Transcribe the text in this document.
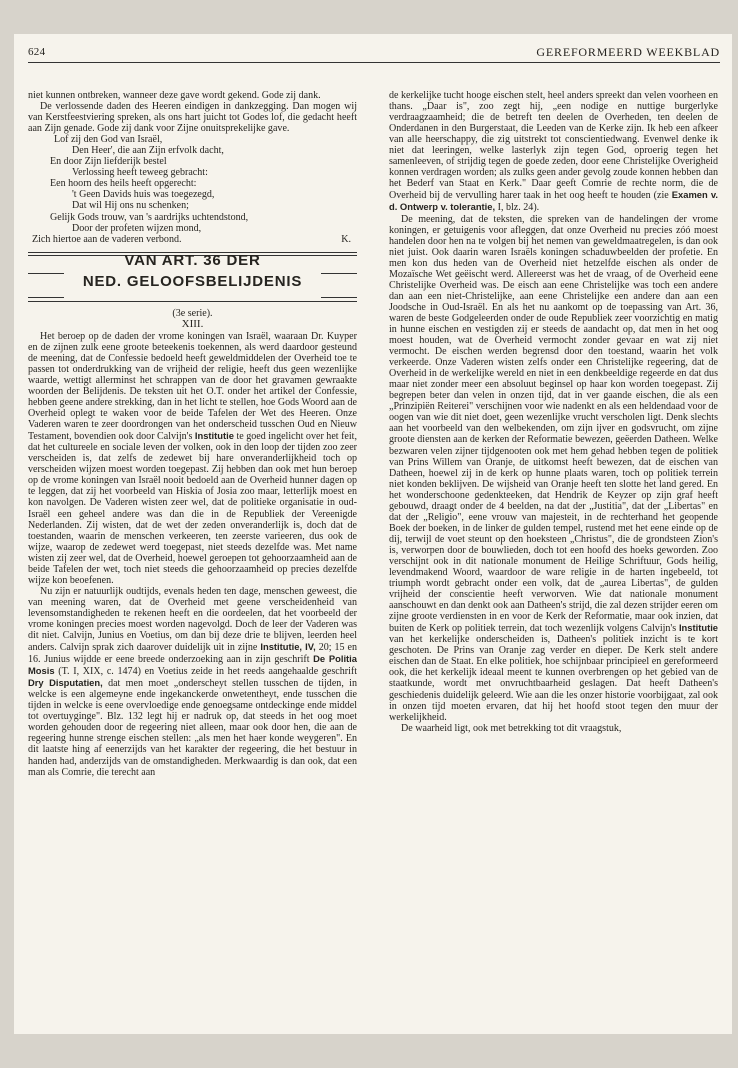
624	GEREFORMEERD WEEKBLAD

niet kunnen ontbreken, wanneer deze gave wordt gekend. Gode zij dank.

De verlossende daden des Heeren eindigen in dankzegging. Dan mogen wij van Kerstfeestviering spreken, als ons hart juicht tot Godes lof, die gedacht heeft aan Zijn genade. Gode zij dank voor Zijne onuitsprekelijke gave.

Lof zij den God van Israël,
Den Heer', die aan Zijn erfvolk dacht,
En door Zijn liefderijk bestel
Verlossing heeft teweeg gebracht:
Een hoorn des heils heeft opgerecht:
't Geen Davids huis was toegezegd,
Dat wil Hij ons nu schenken;
Gelijk Gods trouw, van 's aardrijks uchtendstond,
Door der profeten wijzen mond,
Zich hiertoe aan de vaderen verbond.	K.
VAN ART. 36 DER
NED. GELOOFSBELIJDENIS
(3e serie).
XIII.

Het beroep op de daden der vrome koningen van Israël, waaraan Dr. Kuyper en de zijnen zulk eene groote beteekenis toekennen, als werd daardoor gesteund de meening, dat de Confessie bedoeld heeft geweldmiddelen der Overheid toe te passen tot onderdrukking van de vrijheid der religie, heeft dus geen wezenlijke waarde, wettigt allerminst het schrappen van de door het gravamen gewraakte woorden der Belijdenis. De teksten uit het O.T. onder het artikel der Confessie, hebben geene andere strekking, dan in het licht te stellen, hoe Gods Woord aan de Overheid oplegt te waken voor de beide Tafelen der Wet des Heeren. Onze Vaderen waren te zeer doordrongen van het onderscheid tusschen Oud en Nieuw Testament, bovendien ook door Calvijn's Institutie te goed ingelicht over het feit, dat het cultureele en sociale leven der volken, ook in den loop der tijden zoo zeer verscheiden is, dat zelfs de zedewet bij hare onveranderlijkheid toch op verscheiden wijzen moest worden toegepast. Zij hebben dan ook met hun beroep op de vrome koningen van Israël nooit bedoeld aan de Overheid hunner dagen op te leggen, dat zij het voorbeeld van Hiskia of Josia zoo maar, letterlijk moest en kon navolgen. De Vaderen wisten zeer wel, dat de politieke organisatie in oud-Israël een geheel andere was dan die in de Republiek der Vereenigde Nederlanden. Zij wisten, dat de wet der zeden onveranderlijk is, doch dat de toestanden, waarin de menschen verkeeren, ten zeerste varieeren, dus ook de wijze, waarop de zedewet werd toegepast, niet steeds dezelfde was. Met name wisten zij zeer wel, dat de Overheid, hoewel geroepen tot gehoorzaamheid aan de beide Tafelen der wet, toch niet steeds die gehoorzaamheid op precies dezelfde wijze kon beoefenen.

Nu zijn er natuurlijk oudtijds, evenals heden ten dage, menschen geweest, die van meening waren, dat de Overheid met geene verscheidenheid van levensomstandigheden te rekenen heeft en die oordeelen, dat het voorbeeld der vrome koningen precies moest worden nagevolgd. Doch de leer der Vaderen was dit niet. Calvijn, Junius en Voetius, om dan bij deze drie te blijven, leerden heel anders. Calvijn sprak zich daarover duidelijk uit in zijne Institutie, IV, 20; 15 en 16. Junius wijdde er eene breede onderzoeking aan in zijn geschrift De Politia Mosis (T. I, XIX, c. 1474) en Voetius zeide in het reeds aangehaalde geschrift Dry Disputatien, dat men moet „onderscheyt stellen tusschen de tijden, in welcke is een algemeyne ende ingekanckerde onwetentheyt, ende tusschen die tijden in welcke is eene overvloedige ende genoegsame ontdeckinge ende middel tot overtuyginge". Blz. 132 legt hij er nadruk op, dat steeds in het oog moet worden gehouden door de regeering niet alleen, maar ook door hen, die aan de regeering hunne strenge eischen stellen: „als men het haer konde weygeren". En dit laatste hing af eenerzijds van het karakter der regeering, die het bestuur in handen had, anderzijds van de omstandigheden. Merkwaardig is dan ook, dat een man als Comrie, die terecht aan

de kerkelijke tucht hooge eischen stelt, heel anders spreekt dan velen voorheen en thans. „Daar is", zoo zegt hij, „een nodige en nuttige burgerlyke verdraagzaamheid; die de betreft ten deelen de Overheden, ten deelen de Onderdanen in den Burgerstaat, die Leeden van de Kerke zijn. Ik heb een afkeer van alle heerschappy, die zig uitstrekt tot conscientiedwang. Evenwel denke ik niet dat leeringen, welke lasterlyk zijn tegen God, oproerig tegen het samenleeven, of strijdig tegen de goede zeden, door eene Christelijke Overigheid konnen verdragen worden; als zulks geen ander gevolg zoude konnen hebben dan het Bederf van Staat en Kerk." Daar geeft Comrie de rechte norm, die de Overheid bij de vervulling harer taak in het oog heeft te houden (zie Examen v. d. Ontwerp v. tolerantie, I, blz. 24).

De meening, dat de teksten, die spreken van de handelingen der vrome koningen, er getuigenis voor afleggen, dat onze Overheid nu precies zóó moest handelen door hen na te volgen bij het nemen van geweldmaatregelen, is dan ook niet juist. Ook daarin waren Israëls koningen schaduwbeelden der profetie. En men kon dus heden van de Overheid niet hetzelfde eischen als onder de Mozaïsche Wet geëischt werd. Allereerst was het de vraag, of de Overheid eene Christelijke Overheid was. De eisch aan eene Christelijke was toch een andere dan aan een niet-Christelijke, aan eene Christelijke een andere dan aan een Joodsche in Oud-Israël. En als het nu aankomt op de toepassing van Art. 36, waren de beste Godgeleerden onder de oude Republiek zeer voorzichtig en matig in hunne eischen en vestigden zij er steeds de aandacht op, dat men in het oog moest houden, wat de Overheid vermocht zonder gevaar en wat zij niet vermocht. De eischen werden begrensd door den toestand, waarin het volk verkeerde. Onze Vaderen wisten zelfs onder een Christelijke regeering, dat de Overheid in de werkelijke wereld en niet in een denkbeeldige regeerde en dat dus maar niet zonder meer een absoluut beginsel op haar kon worden toegepast. Zij begrepen beter dan velen in onzen tijd, dat in ver gaande eischen, die als een „Prinzipiën Reiterei" verschijnen voor wie nadenkt en als een heldendaad voor de oogen van wie dit niet doet, geen wezenlijke vrucht verscholen ligt. Denk slechts aan het voorbeeld van den welbekenden, om zijn ijver en godsvrucht, om zijne groote diensten aan de kerken der Reformatie bewezen, geëerden Datheen. Welke bezwaren velen zijner tijdgenooten ook met hem gehad hebben tegen de politiek van Prins Willem van Oranje, de uitkomst heeft bewezen, dat de eischen van Datheen, hoewel zij in de kerk op hunne plaats waren, toch op politiek terrein niet konden beklijven. De wijsheid van Oranje heeft ten slotte het land gered. En het wonderschoone gedenkteeken, dat Hendrik de Keyzer op zijn graf heeft gebouwd, draagt onder de 4 beelden, na dat der „Justitia", dat der „Libertas" en dat der „Religio", eene vrouw van majesteit, in de rechterhand het geopende Boek der boeken, in de linker de gulden tempel, rustend met het eene einde op de dij, terwijl de voet steunt op den hoeksteen „Christus", die de grondsteen Zion's is, verworpen door de bouwlieden, doch tot een hoofd des hoeks geworden. Zoo verschijnt ook in dit nationale monument de Heilige Schriftuur, Gods heilig, levendmakend Woord, waardoor de ware religie in de harten ingebeeld, tot triumph wordt gebracht onder een volk, dat de „aurea Libertas", de gulden vrijheid der conscientie heeft verworven. Wie dat nationale monument aanschouwt en dan denkt ook aan Datheen's strijd, die zal dezen strijder eeren om zijne groote verdiensten in en voor de Kerk der Reformatie, maar ook inzien, dat buiten de Kerk op politiek terrein, dat toch wezenlijk volgens Calvijn's Institutie van het kerkelijke onderscheiden is, Datheen's politiek inzicht is te kort geschoten. De Prins van Oranje zag verder en dieper. De Kerk stelt andere eischen dan de Staat. En elke politiek, hoe schijnbaar principieel en gereformeerd ook, die het kerkelijk ideaal meent te kunnen overbrengen op het gebied van de staatkunde, wordt met onvruchtbaarheid geslagen. Dat heeft Datheen's geschiedenis duidelijk geleerd. Wie aan die les onzer historie voorbijgaat, zal ook in onzen tijd moeten ervaren, dat hij het hoofd stoot tegen den muur der werkelijkheid.

De waarheid ligt, ook met betrekking tot dit vraagstuk,
